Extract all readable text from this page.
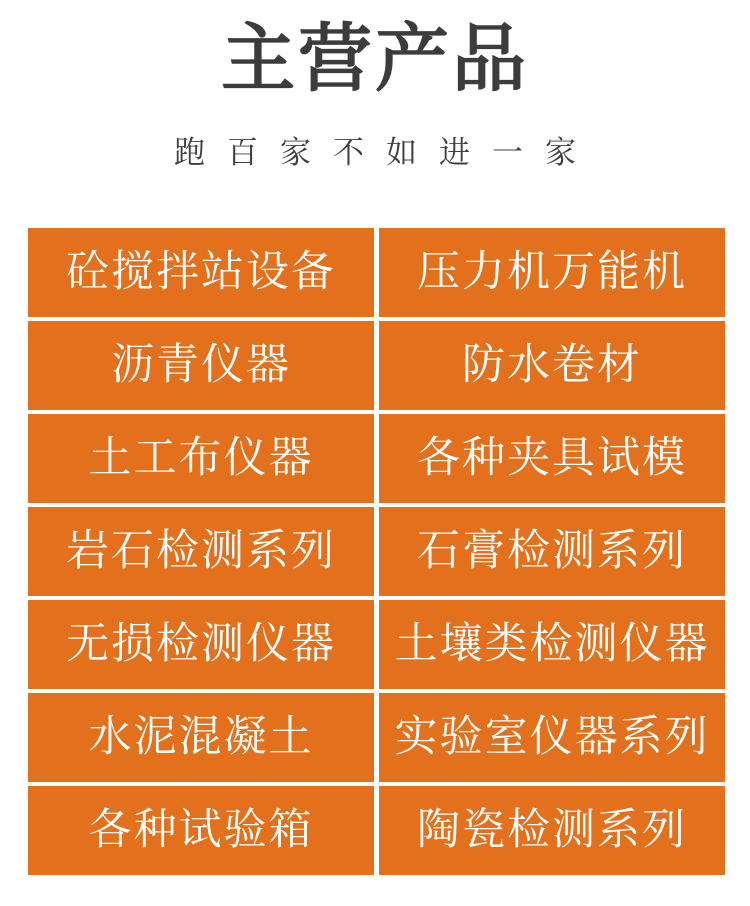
主营产品
跑百家不如进一家
砼搅拌站设备	压力机万能机
沥青仪器	防水卷材
土工布仪器	各种夹具试模
岩石检测系列	石膏检测系列
无损检测仪器	土壤类检测仪器
水泥混凝土	实验室仪器系列
各种试验箱	陶瓷检测系列
